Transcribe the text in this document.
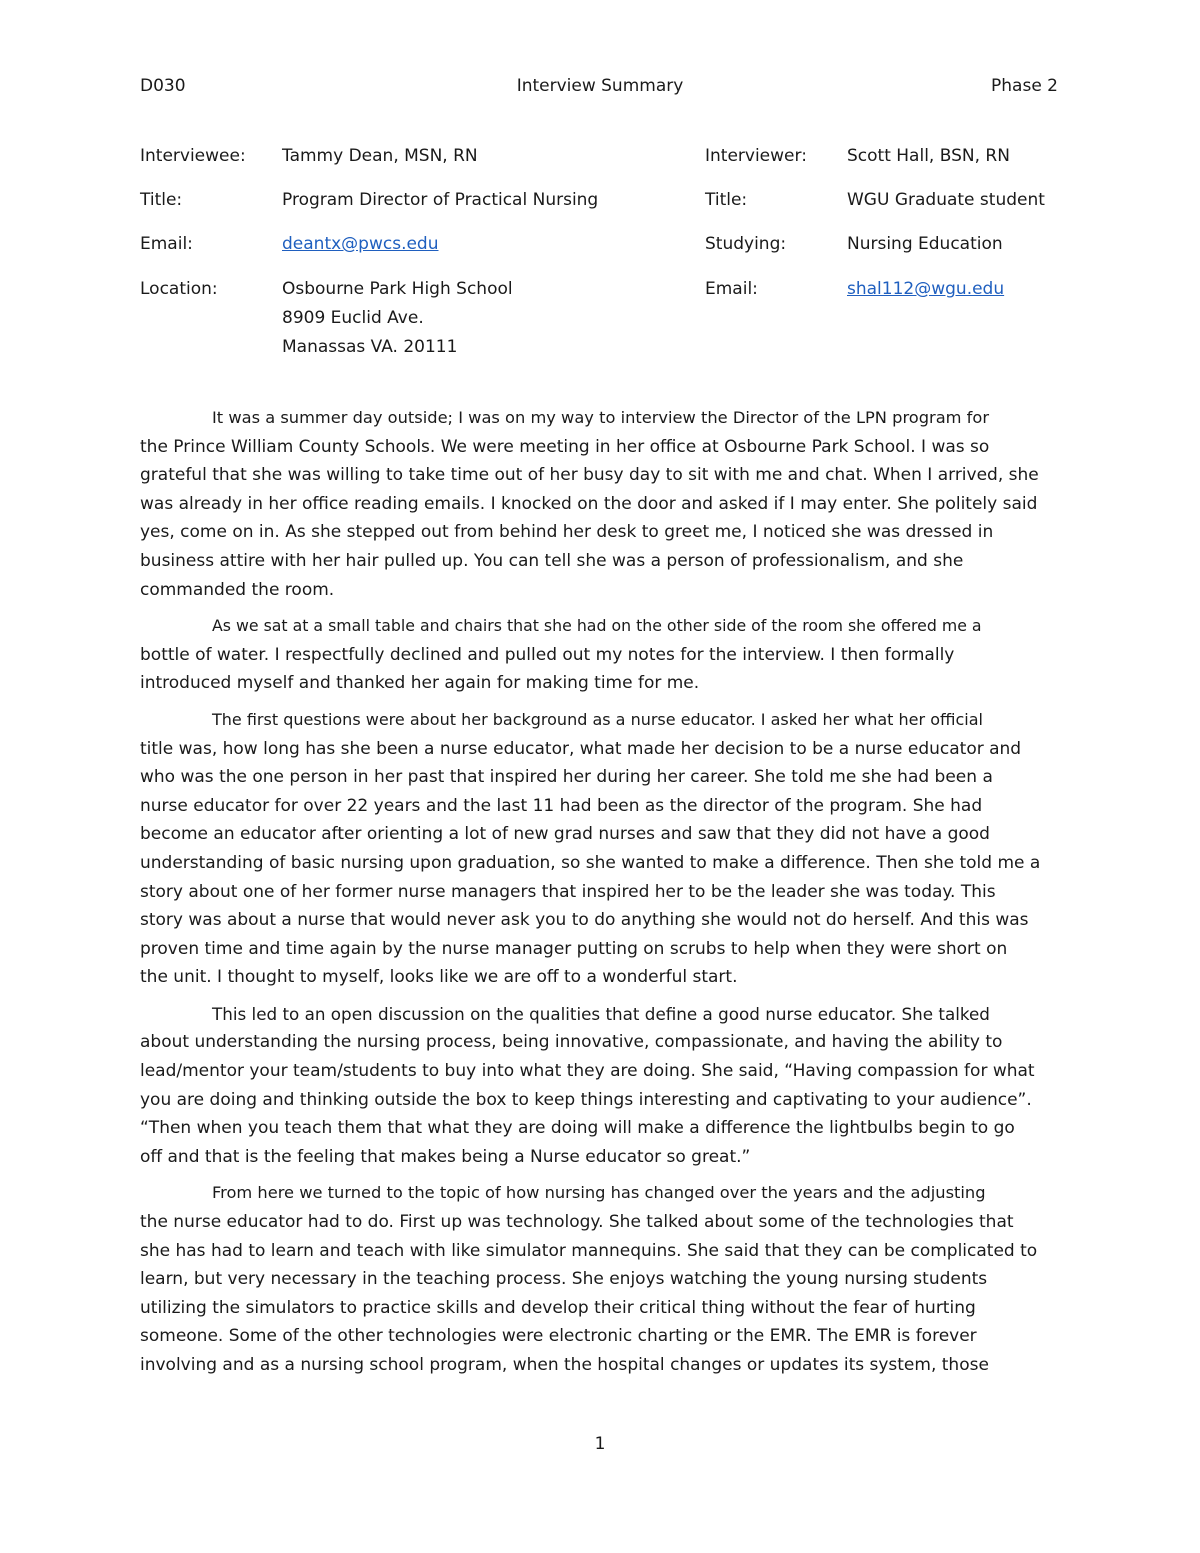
D030	Interview Summary	Phase 2
Interviewee: Tammy Dean, MSN, RN	Interviewer: Scott Hall, BSN, RN
Title:	Program Director of Practical Nursing	Title:	WGU Graduate student
Email:	deantx@pwcs.edu	Studying:	Nursing Education
Location:	Osbourne Park High School	Email:	shal112@wgu.edu
8909 Euclid Ave.
Manassas VA. 20111

It was a summer day outside; I was on my way to interview the Director of the LPN program for
the Prince William County Schools. We were meeting in her office at Osbourne Park School. I was so
grateful that she was willing to take time out of her busy day to sit with me and chat. When I arrived, she
was already in her office reading emails. I knocked on the door and asked if I may enter. She politely said
yes, come on in. As she stepped out from behind her desk to greet me, I noticed she was dressed in
business attire with her hair pulled up. You can tell she was a person of professionalism, and she
commanded the room.

As we sat at a small table and chairs that she had on the other side of the room she offered me a
bottle of water. I respectfully declined and pulled out my notes for the interview. I then formally
introduced myself and thanked her again for making time for me.

The first questions were about her background as a nurse educator. I asked her what her official
title was, how long has she been a nurse educator, what made her decision to be a nurse educator and
who was the one person in her past that inspired her during her career. She told me she had been a
nurse educator for over 22 years and the last 11 had been as the director of the program. She had
become an educator after orienting a lot of new grad nurses and saw that they did not have a good
understanding of basic nursing upon graduation, so she wanted to make a difference. Then she told me a
story about one of her former nurse managers that inspired her to be the leader she was today. This
story was about a nurse that would never ask you to do anything she would not do herself. And this was
proven time and time again by the nurse manager putting on scrubs to help when they were short on
the unit. I thought to myself, looks like we are off to a wonderful start.

This led to an open discussion on the qualities that define a good nurse educator. She talked
about understanding the nursing process, being innovative, compassionate, and having the ability to
lead/mentor your team/students to buy into what they are doing. She said, “Having compassion for what
you are doing and thinking outside the box to keep things interesting and captivating to your audience”.
“Then when you teach them that what they are doing will make a difference the lightbulbs begin to go
off and that is the feeling that makes being a Nurse educator so great.”

From here we turned to the topic of how nursing has changed over the years and the adjusting
the nurse educator had to do. First up was technology. She talked about some of the technologies that
she has had to learn and teach with like simulator mannequins. She said that they can be complicated to
learn, but very necessary in the teaching process. She enjoys watching the young nursing students
utilizing the simulators to practice skills and develop their critical thing without the fear of hurting
someone. Some of the other technologies were electronic charting or the EMR. The EMR is forever
involving and as a nursing school program, when the hospital changes or updates its system, those

1
